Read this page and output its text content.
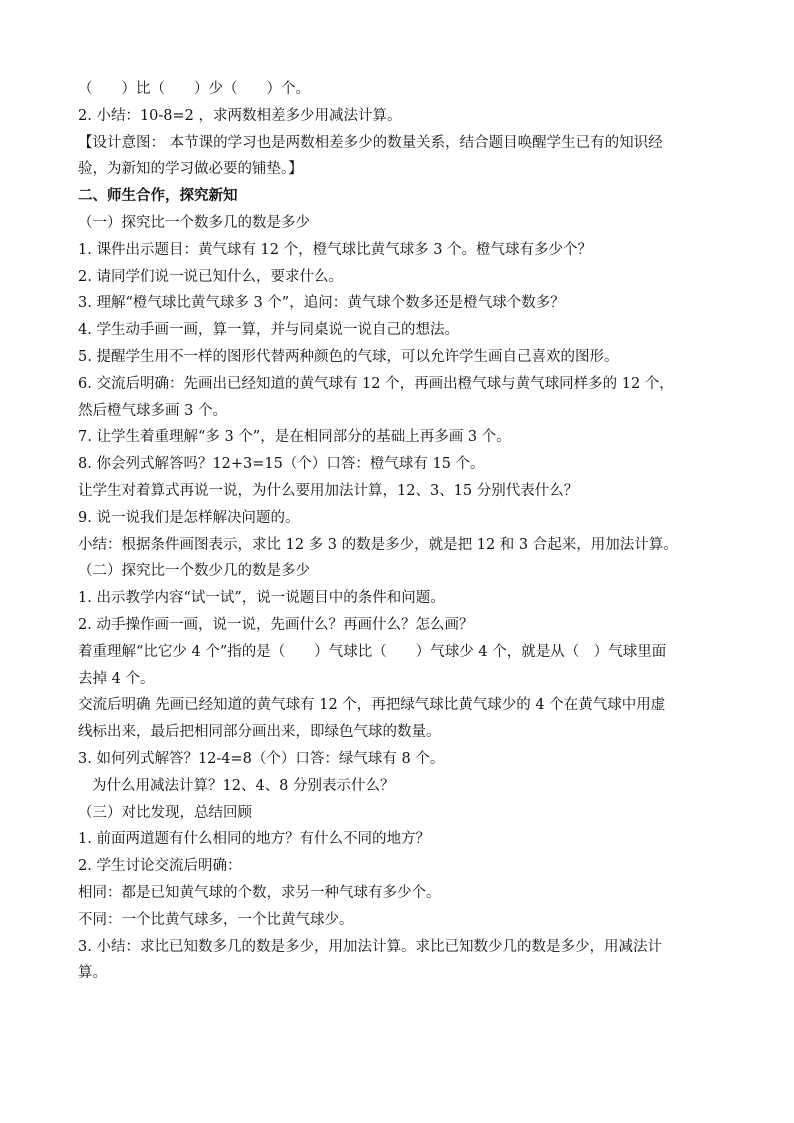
（　　）比（　　）少（　　）个。
2. 小结：10-8=2 ，求两数相差多少用减法计算。
【设计意图： 本节课的学习也是两数相差多少的数量关系，结合题目唤醒学生已有的知识经
验，为新知的学习做必要的铺垫。】
二、师生合作，探究新知
（一）探究比一个数多几的数是多少
1. 课件出示题目：黄气球有 12 个，橙气球比黄气球多 3 个。橙气球有多少个？
2. 请同学们说一说已知什么，要求什么。
3. 理解“橙气球比黄气球多 3 个”，追问：黄气球个数多还是橙气球个数多？
4. 学生动手画一画，算一算，并与同桌说一说自己的想法。
5. 提醒学生用不一样的图形代替两种颜色的气球，可以允许学生画自己喜欢的图形。
6. 交流后明确：先画出已经知道的黄气球有 12 个，再画出橙气球与黄气球同样多的 12 个，
然后橙气球多画 3 个。
7. 让学生着重理解“多 3 个”，是在相同部分的基础上再多画 3 个。
8. 你会列式解答吗？12+3=15（个）口答：橙气球有 15 个。
让学生对着算式再说一说，为什么要用加法计算，12、3、15 分别代表什么？
9. 说一说我们是怎样解决问题的。
小结：根据条件画图表示，求比 12 多 3 的数是多少，就是把 12 和 3 合起来，用加法计算。
（二）探究比一个数少几的数是多少
1. 出示教学内容“试一试”，说一说题目中的条件和问题。
2. 动手操作画一画，说一说，先画什么？再画什么？怎么画？
着重理解“比它少 4 个”指的是（　　）气球比（　　）气球少 4 个，就是从（　）气球里面
去掉 4 个。
交流后明确 先画已经知道的黄气球有 12 个，再把绿气球比黄气球少的 4 个在黄气球中用虚
线标出来，最后把相同部分画出来，即绿色气球的数量。
3. 如何列式解答？12-4=8（个）口答：绿气球有 8 个。
为什么用减法计算？12、4、8 分别表示什么？
（三）对比发现，总结回顾
1. 前面两道题有什么相同的地方？有什么不同的地方？
2. 学生讨论交流后明确：
相同：都是已知黄气球的个数，求另一种气球有多少个。
不同：一个比黄气球多，一个比黄气球少。
3. 小结：求比已知数多几的数是多少，用加法计算。求比已知数少几的数是多少，用减法计
算。
